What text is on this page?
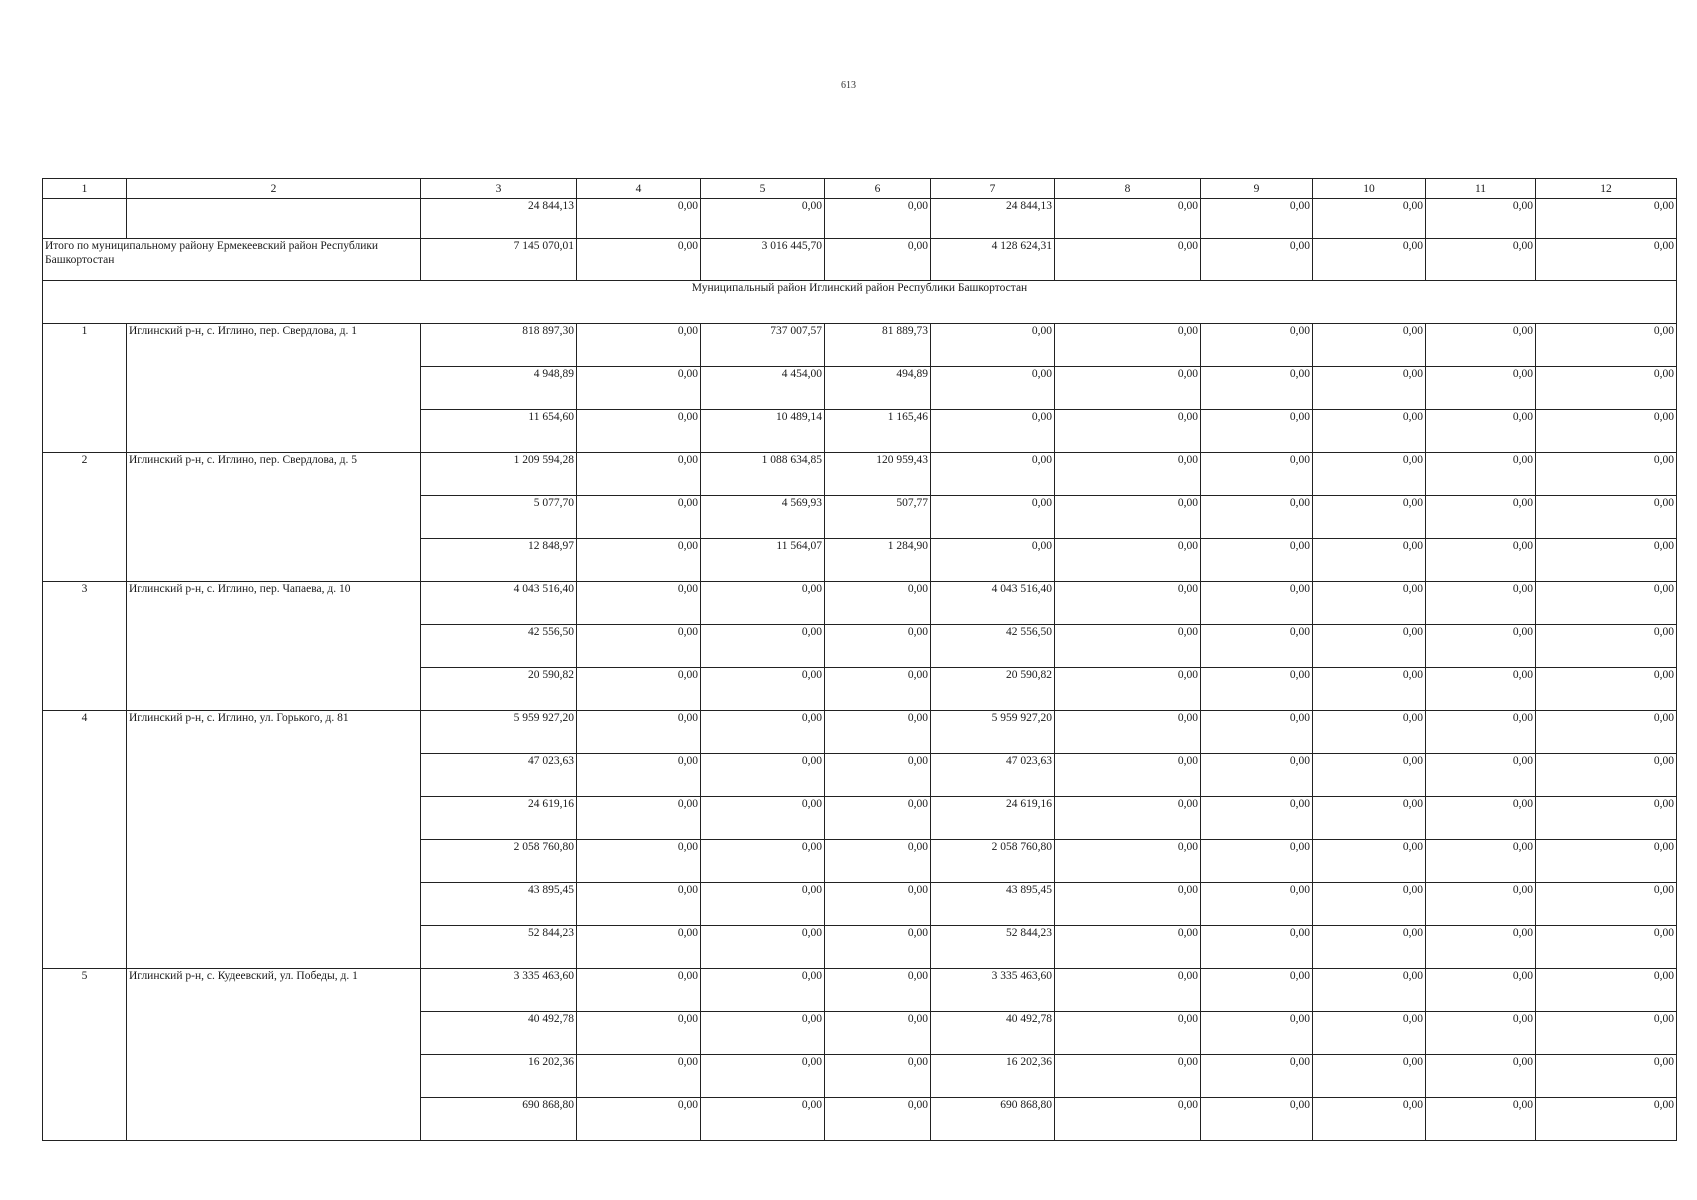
613
1	2	3	4	5	6	7	8	9	10	11	12
		24 844,13	0,00	0,00	0,00	24 844,13	0,00	0,00	0,00	0,00	0,00
Итого по муниципальному району Ермекеевский район Республики Башкортостан		7 145 070,01	0,00	3 016 445,70	0,00	4 128 624,31	0,00	0,00	0,00	0,00	0,00
Муниципальный район Иглинский район Республики Башкортостан											
1	Иглинский р-н, с. Иглино, пер. Свердлова, д. 1	818 897,30	0,00	737 007,57	81 889,73	0,00	0,00	0,00	0,00	0,00	0,00
		4 948,89	0,00	4 454,00	494,89	0,00	0,00	0,00	0,00	0,00	0,00
		11 654,60	0,00	10 489,14	1 165,46	0,00	0,00	0,00	0,00	0,00	0,00
2	Иглинский р-н, с. Иглино, пер. Свердлова, д. 5	1 209 594,28	0,00	1 088 634,85	120 959,43	0,00	0,00	0,00	0,00	0,00	0,00
		5 077,70	0,00	4 569,93	507,77	0,00	0,00	0,00	0,00	0,00	0,00
		12 848,97	0,00	11 564,07	1 284,90	0,00	0,00	0,00	0,00	0,00	0,00
3	Иглинский р-н, с. Иглино, пер. Чапаева, д. 10	4 043 516,40	0,00	0,00	0,00	4 043 516,40	0,00	0,00	0,00	0,00	0,00
		42 556,50	0,00	0,00	0,00	42 556,50	0,00	0,00	0,00	0,00	0,00
		20 590,82	0,00	0,00	0,00	20 590,82	0,00	0,00	0,00	0,00	0,00
4	Иглинский р-н, с. Иглино, ул. Горького, д. 81	5 959 927,20	0,00	0,00	0,00	5 959 927,20	0,00	0,00	0,00	0,00	0,00
		47 023,63	0,00	0,00	0,00	47 023,63	0,00	0,00	0,00	0,00	0,00
		24 619,16	0,00	0,00	0,00	24 619,16	0,00	0,00	0,00	0,00	0,00
		2 058 760,80	0,00	0,00	0,00	2 058 760,80	0,00	0,00	0,00	0,00	0,00
		43 895,45	0,00	0,00	0,00	43 895,45	0,00	0,00	0,00	0,00	0,00
		52 844,23	0,00	0,00	0,00	52 844,23	0,00	0,00	0,00	0,00	0,00
5	Иглинский р-н, с. Кудеевский, ул. Победы, д. 1	3 335 463,60	0,00	0,00	0,00	3 335 463,60	0,00	0,00	0,00	0,00	0,00
		40 492,78	0,00	0,00	0,00	40 492,78	0,00	0,00	0,00	0,00	0,00
		16 202,36	0,00	0,00	0,00	16 202,36	0,00	0,00	0,00	0,00	0,00
		690 868,80	0,00	0,00	0,00	690 868,80	0,00	0,00	0,00	0,00	0,00
